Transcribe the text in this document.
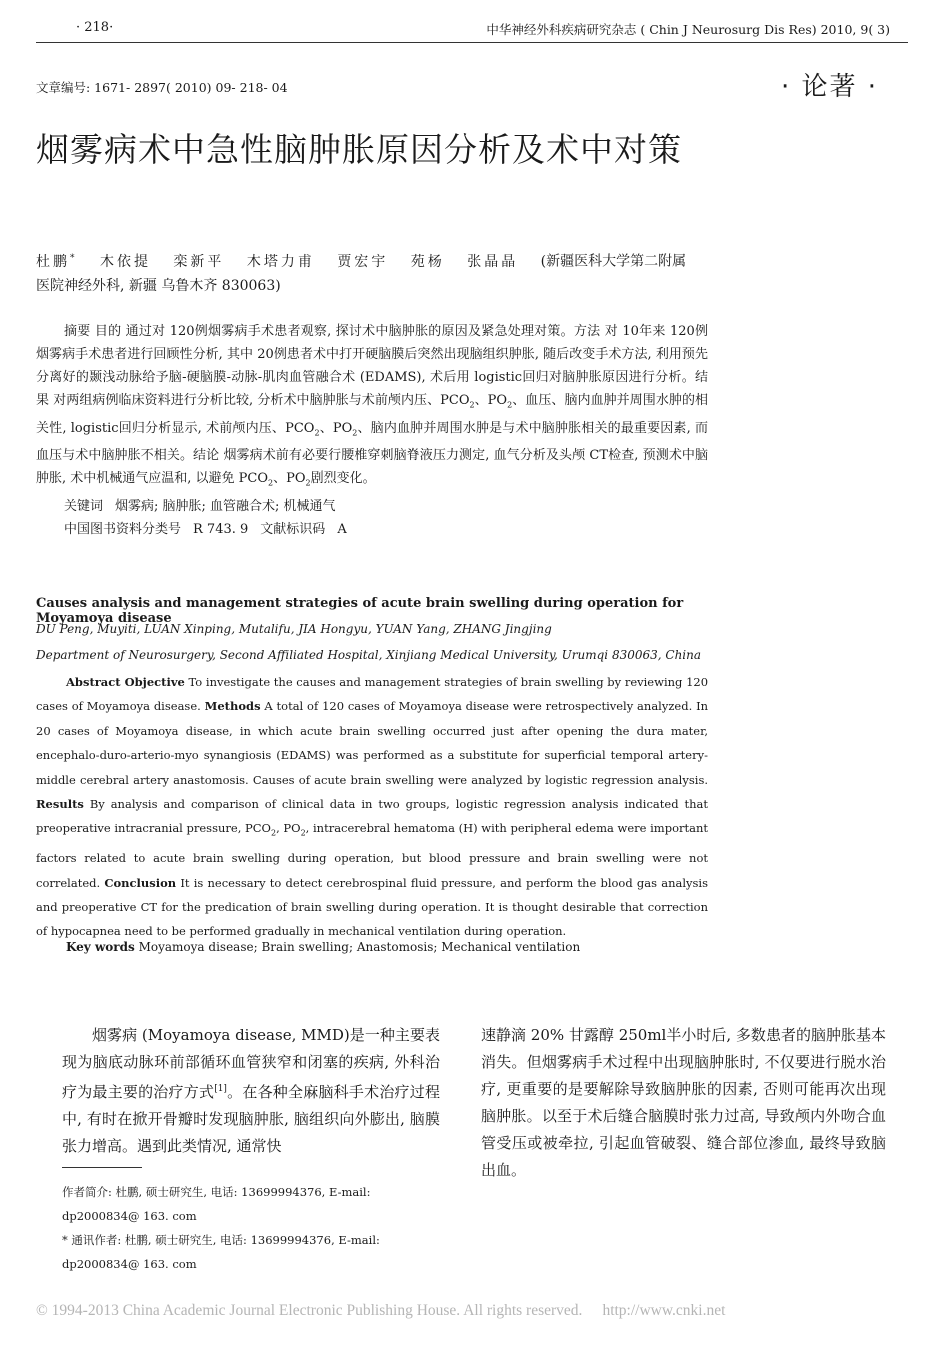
· 218·	中华神经外科疾病研究杂志 ( Chin J Neurosurg Dis Res) 2010, 9( 3)
文章编号: 1671- 2897( 2010) 09- 218- 04	· 论著 ·
烟雾病术中急性脑肿胀原因分析及术中对策
杜鹏* 木依提 栾新平 木塔力甫 贾宏宇 苑杨 张晶晶 (新疆医科大学第二附属
医院神经外科, 新疆 乌鲁木齐 830063)

摘要 目的 通过对 120例烟雾病手术患者观察, 探讨术中脑肿胀的原因及紧急处理对策。方法 对 10年来 120例烟雾病手术患者进行回顾性分析, 其中 20例患者术中打开硬脑膜后突然出现脑组织肿胀, 随后改变手术方法, 利用预先分离好的颞浅动脉给予脑-硬脑膜-动脉-肌肉血管融合术 (EDAMS), 术后用 logistic回归对脑肿胀原因进行分析。结果 对两组病例临床资料进行分析比较, 分析术中脑肿胀与术前颅内压、$PCO_2$、$PO_2$、血压、脑内血肿并周围水肿的相关性, logistic回归分析显示, 术前颅内压、$PCO_2$、$PO_2$、脑内血肿并周围水肿是与术中脑肿胀相关的最重要因素, 而血压与术中脑肿胀不相关。结论 烟雾病术前有必要行腰椎穿刺脑脊液压力测定, 血气分析及头颅 CT检查, 预测术中脑肿胀, 术中机械通气应温和, 以避免 $PCO_2$、$PO_2$剧烈变化。

关键词 烟雾病; 脑肿胀; 血管融合术; 机械通气

中国图书资料分类号 R 743. 9 文献标识码 A

Causes analysis and management strategies of acute brain swelling during operation for Moyamoya disease
DU Peng, Muyiti, LUAN Xinping, Mutalifu, JIA Hongyu, YUAN Yang, ZHANG Jingjing
Department of Neurosurgery, Second Affiliated Hospital, Xinjiang Medical University, Urumqi 830063, China
Abstract Objective To investigate the causes and management strategies of brain swelling by reviewing 120 cases of Moyamoya disease. Methods A total of 120 cases of Moyamoya disease were retrospectively analyzed. In 20 cases of Moyamoya disease, in which acute brain swelling occurred just after opening the dura mater, encephalo-duro-arterio-myo synangiosis (EDAMS) was performed as a substitute for superficial temporal artery-middle cerebral artery anastomosis. Causes of acute brain swelling were analyzed by logistic regression analysis. Results By analysis and comparison of clinical data in two groups, logistic regression analysis indicated that preoperative intracranial pressure, $PCO_2$, $PO_2$, intracerebral hematoma (H) with peripheral edema were important factors related to acute brain swelling during operation, but blood pressure and brain swelling were not correlated. Conclusion It is necessary to detect cerebrospinal fluid pressure, and perform the blood gas analysis and preoperative CT for the predication of brain swelling during operation. It is thought desirable that correction of hypocapnea need to be performed gradually in mechanical ventilation during operation.
Key words Moyamoya disease; Brain swelling; Anastomosis; Mechanical ventilation
烟雾病 (Moyamoya disease, MMD)是一种主要表现为脑底动脉环前部循环血管狭窄和闭塞的疾病, 外科治疗为最主要的治疗方式[1]。在各种全麻脑科手术治疗过程中, 有时在掀开骨瓣时发现脑肿胀, 脑组织向外膨出, 脑膜张力增高。遇到此类情况, 通常快
速静滴 20% 甘露醇 250ml半小时后, 多数患者的脑肿胀基本消失。但烟雾病手术过程中出现脑肿胀时, 不仅要进行脱水治疗, 更重要的是要解除导致脑肿胀的因素, 否则可能再次出现脑肿胀。以至于术后缝合脑膜时张力过高, 导致颅内外吻合血管受压或被牵拉, 引起血管破裂、缝合部位渗血, 最终导致脑出血。
作者简介: 杜鹏, 硕士研究生, 电话: 13699994376, E-mail: dp2000834@ 163. com
* 通讯作者: 杜鹏, 硕士研究生, 电话: 13699994376, E-mail: dp2000834@ 163. com
© 1994-2013 China Academic Journal Electronic Publishing House. All rights reserved. http://www.cnki.net
